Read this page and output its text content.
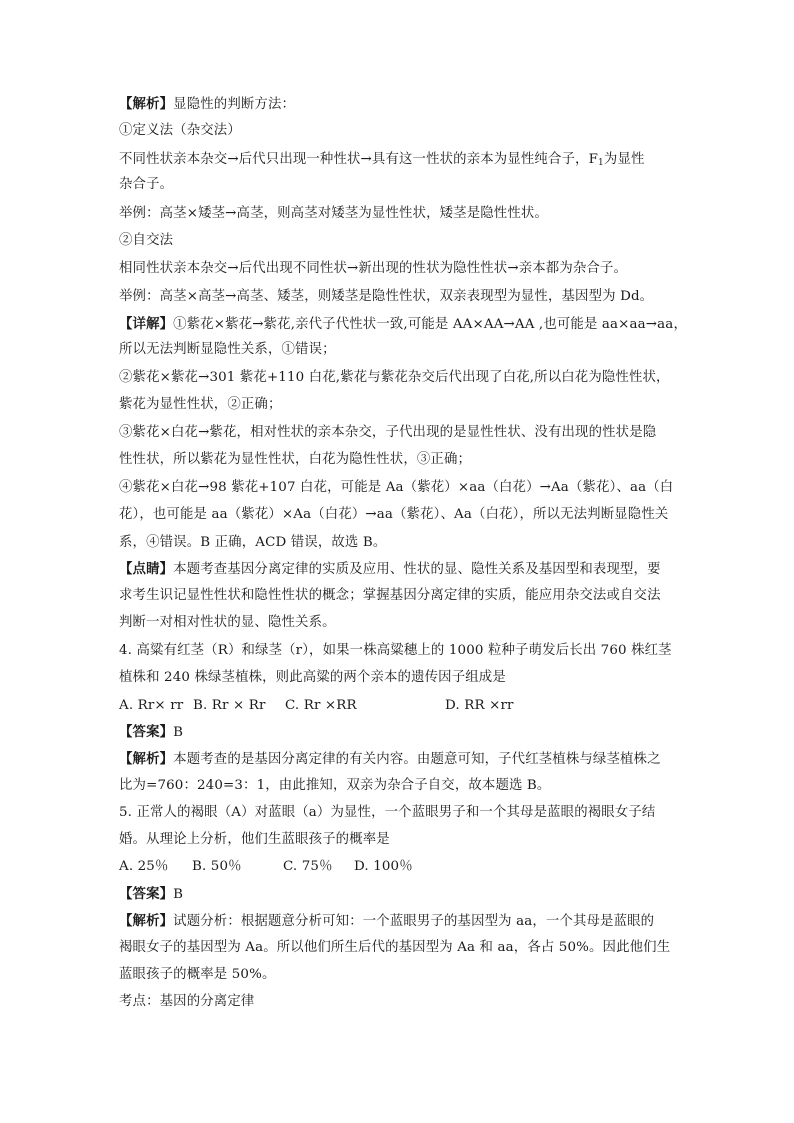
【解析】显隐性的判断方法：
①定义法（杂交法）
不同性状亲本杂交→后代只出现一种性状→具有这一性状的亲本为显性纯合子，$F_1$为显性
杂合子。
举例：高茎×矮茎→高茎，则高茎对矮茎为显性性状，矮茎是隐性性状。
②自交法
相同性状亲本杂交→后代出现不同性状→新出现的性状为隐性性状→亲本都为杂合子。
举例：高茎×高茎→高茎、矮茎，则矮茎是隐性性状，双亲表现型为显性，基因型为 Dd。
【详解】①紫花×紫花→紫花,亲代子代性状一致,可能是 AA×AA→AA ,也可能是 aa×aa→aa，
所以无法判断显隐性关系，①错误；
②紫花×紫花→301 紫花+110 白花,紫花与紫花杂交后代出现了白花,所以白花为隐性性状，
紫花为显性性状，②正确；
③紫花×白花→紫花，相对性状的亲本杂交，子代出现的是显性性状、没有出现的性状是隐
性性状，所以紫花为显性性状，白花为隐性性状，③正确；
④紫花×白花→98 紫花+107 白花，可能是 Aa（紫花）×aa（白花）→Aa（紫花）、aa（白
花），也可能是 aa（紫花）×Aa（白花）→aa（紫花）、Aa（白花），所以无法判断显隐性关
系，④错误。B 正确，ACD 错误，故选 B。
【点睛】本题考查基因分离定律的实质及应用、性状的显、隐性关系及基因型和表现型，要
求考生识记显性性状和隐性性状的概念；掌握基因分离定律的实质，能应用杂交法或自交法
判断一对相对性状的显、隐性关系。
4. 高粱有红茎（R）和绿茎（r），如果一株高粱穗上的 1000 粒种子萌发后长出 760 株红茎
植株和 240 株绿茎植株，则此高粱的两个亲本的遗传因子组成是
A. Rr× rr B. Rr × Rr C. Rr ×RR	D. RR ×rr
【答案】B
【解析】本题考查的是基因分离定律的有关内容。由题意可知，子代红茎植株与绿茎植株之
比为=760：240=3：1，由此推知，双亲为杂合子自交，故本题选 B。
5. 正常人的褐眼（A）对蓝眼（a）为显性，一个蓝眼男子和一个其母是蓝眼的褐眼女子结
婚。从理论上分析，他们生蓝眼孩子的概率是
A. 25％ B. 50％	C. 75％ D. 100％
【答案】B
【解析】试题分析：根据题意分析可知：一个蓝眼男子的基因型为 aa，一个其母是蓝眼的
褐眼女子的基因型为 Aa。所以他们所生后代的基因型为 Aa 和 aa，各占 50%。因此他们生
蓝眼孩子的概率是 50%。
考点：基因的分离定律
